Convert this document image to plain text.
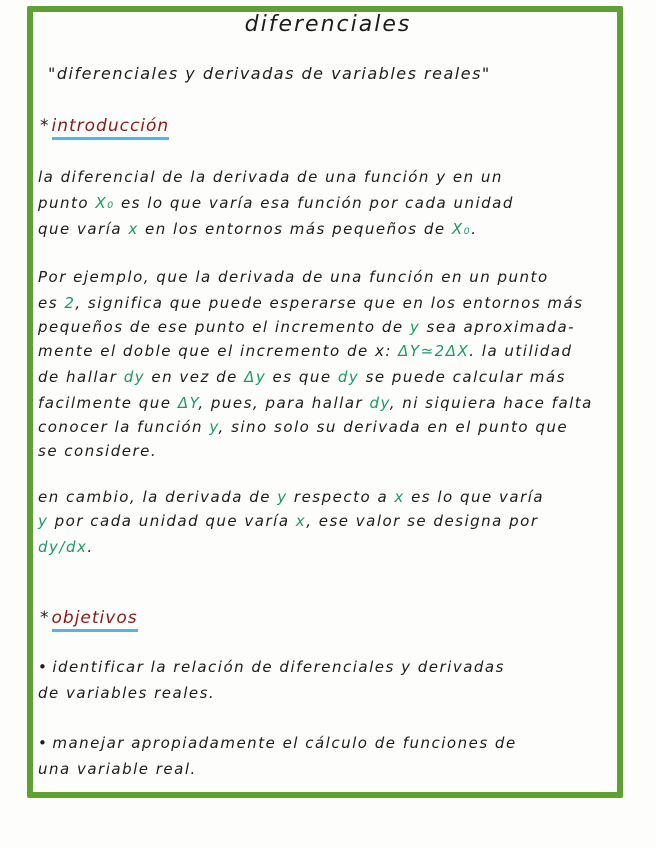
diferenciales
"diferenciales y derivadas de variables reales"
* introducción
la diferencial de la derivada de una función y en un
punto X₀ es lo que varía esa función por cada unidad
que varía x en los entornos más pequeños de X₀.
Por ejemplo, que la derivada de una función en un punto
es 2, significa que puede esperarse que en los entornos más
pequeños de ese punto el incremento de y sea aproximada-
mente el doble que el incremento de x: ΔY≃2ΔX. la utilidad
de hallar dy en vez de Δy es que dy se puede calcular más
facilmente que ΔY, pues, para hallar dy, ni siquiera hace falta
conocer la función y, sino solo su derivada en el punto que
se considere.
en cambio, la derivada de y respecto a x es lo que varía
y por cada unidad que varía x, ese valor se designa por
dy/dx.
* objetivos
• identificar la relación de diferenciales y derivadas
de variables reales.
• manejar apropiadamente el cálculo de funciones de
una variable real.
